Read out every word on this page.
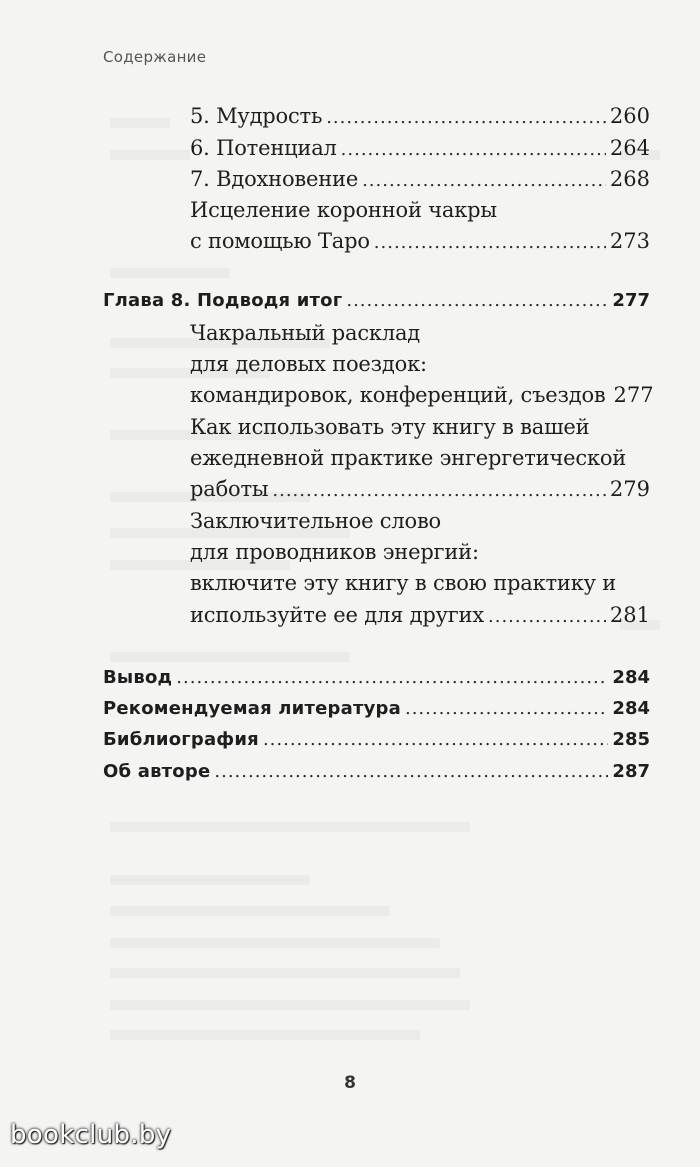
Содержание
5. Мудрость .....	260
6. Потенциал .....	264
7. Вдохновение .....	268
Исцеление коронной чакры
с помощью Таро .....	273
Глава 8. Подводя итог .....	277
Чакральный расклад
для деловых поездок:
командировок, конференций, съездов 277
Как использовать эту книгу в вашей
ежедневной практике энгергетической
работы .....	279
Заключительное слово
для проводников энергий:
включите эту книгу в свою практику и
используйте ее для других .....	281
Вывод .....	284
Рекомендуемая литература .....	284
Библиография .....	285
Об авторе .....	287
8
bookclub.by
